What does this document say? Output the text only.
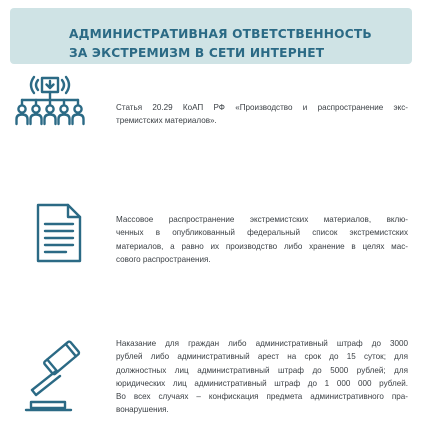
АДМИНИСТРАТИВНАЯ ОТВЕТСТВЕННОСТЬ
ЗА ЭКСТРЕМИЗМ В СЕТИ ИНТЕРНЕТ

Статья 20.29 КоАП РФ «Производство и распространение экс-
тремистских материалов».

Массовое распространение экстремистских материалов, вклю-
ченных в опубликованный федеральный список экстремистских
материалов, а равно их производство либо хранение в целях мас-
сового распространения.

Наказание для граждан либо административный штраф до 3000
рублей либо административный арест на срок до 15 суток; для
должностных лиц административный штраф до 5000 рублей; для
юридических лиц административный штраф до 1 000 000 рублей.
Во всех случаях – конфискация предмета административного пра-
вонарушения.
